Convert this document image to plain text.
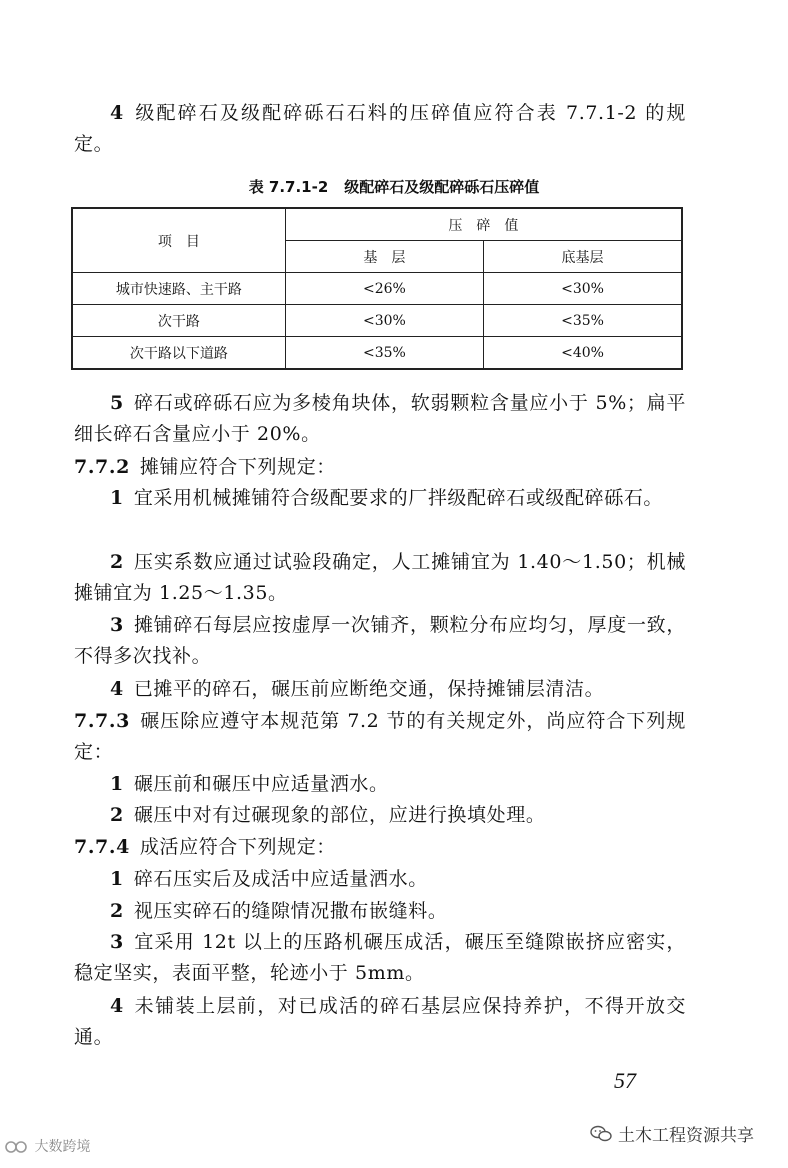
4 级配碎石及级配碎砾石石料的压碎值应符合表 7.7.1-2 的规定。

表 7.7.1-2 级配碎石及级配碎砾石压碎值
项　目	压　碎　值	
	基　层	底基层
城市快速路、主干路	<26%	<30%
次干路	<30%	<35%
次干路以下道路	<35%	<40%

5 碎石或碎砾石应为多棱角块体，软弱颗粒含量应小于 5%；扁平细长碎石含量应小于 20%。

7.7.2 摊铺应符合下列规定：

1 宜采用机械摊铺符合级配要求的厂拌级配碎石或级配碎砾石。

2 压实系数应通过试验段确定，人工摊铺宜为 1.40～1.50；机械摊铺宜为 1.25～1.35。

3 摊铺碎石每层应按虚厚一次铺齐，颗粒分布应均匀，厚度一致，不得多次找补。

4 已摊平的碎石，碾压前应断绝交通，保持摊铺层清洁。

7.7.3 碾压除应遵守本规范第 7.2 节的有关规定外，尚应符合下列规定：

1 碾压前和碾压中应适量洒水。

2 碾压中对有过碾现象的部位，应进行换填处理。

7.7.4 成活应符合下列规定：

1 碎石压实后及成活中应适量洒水。

2 视压实碎石的缝隙情况撒布嵌缝料。

3 宜采用 12t 以上的压路机碾压成活，碾压至缝隙嵌挤应密实，稳定坚实，表面平整，轮迹小于 5mm。

4 未铺装上层前，对已成活的碎石基层应保持养护，不得开放交通。

57
土木工程资源共享
大数跨境
